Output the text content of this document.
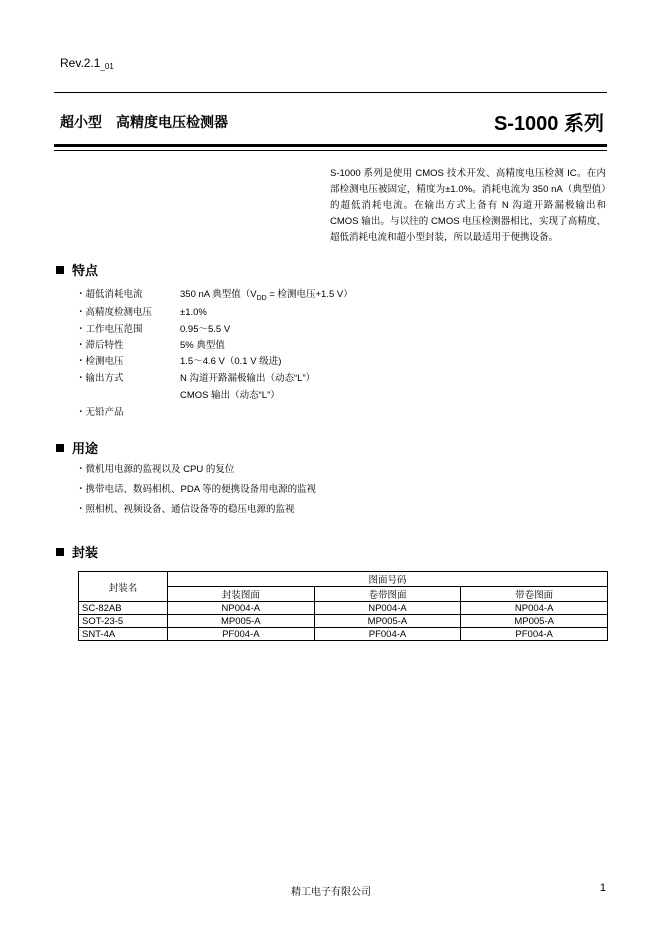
$Rev.2.1_{\_01}$
超小型　高精度电压检测器	S-1000 系列
S-1000 系列是使用 CMOS 技术开发、高精度电压检测 IC。在内部检测电压被固定，精度为±1.0%。消耗电流为 350 nA（典型值）的超低消耗电流。在输出方式上备有 N 沟道开路漏极输出和 CMOS 输出。与以往的 CMOS 电压检测器相比，实现了高精度、超低消耗电流和超小型封装，所以最适用于便携设备。
特点
・超低消耗电流	350 nA 典型值（$V_{DD}$ = 检测电压+1.5 V）
・高精度检测电压	±1.0%
・工作电压范围	0.95～5.5 V
・滞后特性	5% 典型值
・检测电压	1.5～4.6 V（0.1 V 级进)
・输出方式	N 沟道开路漏极输出（动态“L”）
CMOS 输出（动态“L”）
・无铅产品
用途
・微机用电源的监视以及 CPU 的复位
・携带电话、数码相机、PDA 等的便携设备用电源的监视
・照相机、视频设备、通信设备等的稳压电源的监视
封装
封装名	图面号码		
	封装图面	卷带图面	带卷图面
SC-82AB	NP004-A	NP004-A	NP004-A
SOT-23-5	MP005-A	MP005-A	MP005-A
SNT-4A	PF004-A	PF004-A	PF004-A
精工电子有限公司	1
